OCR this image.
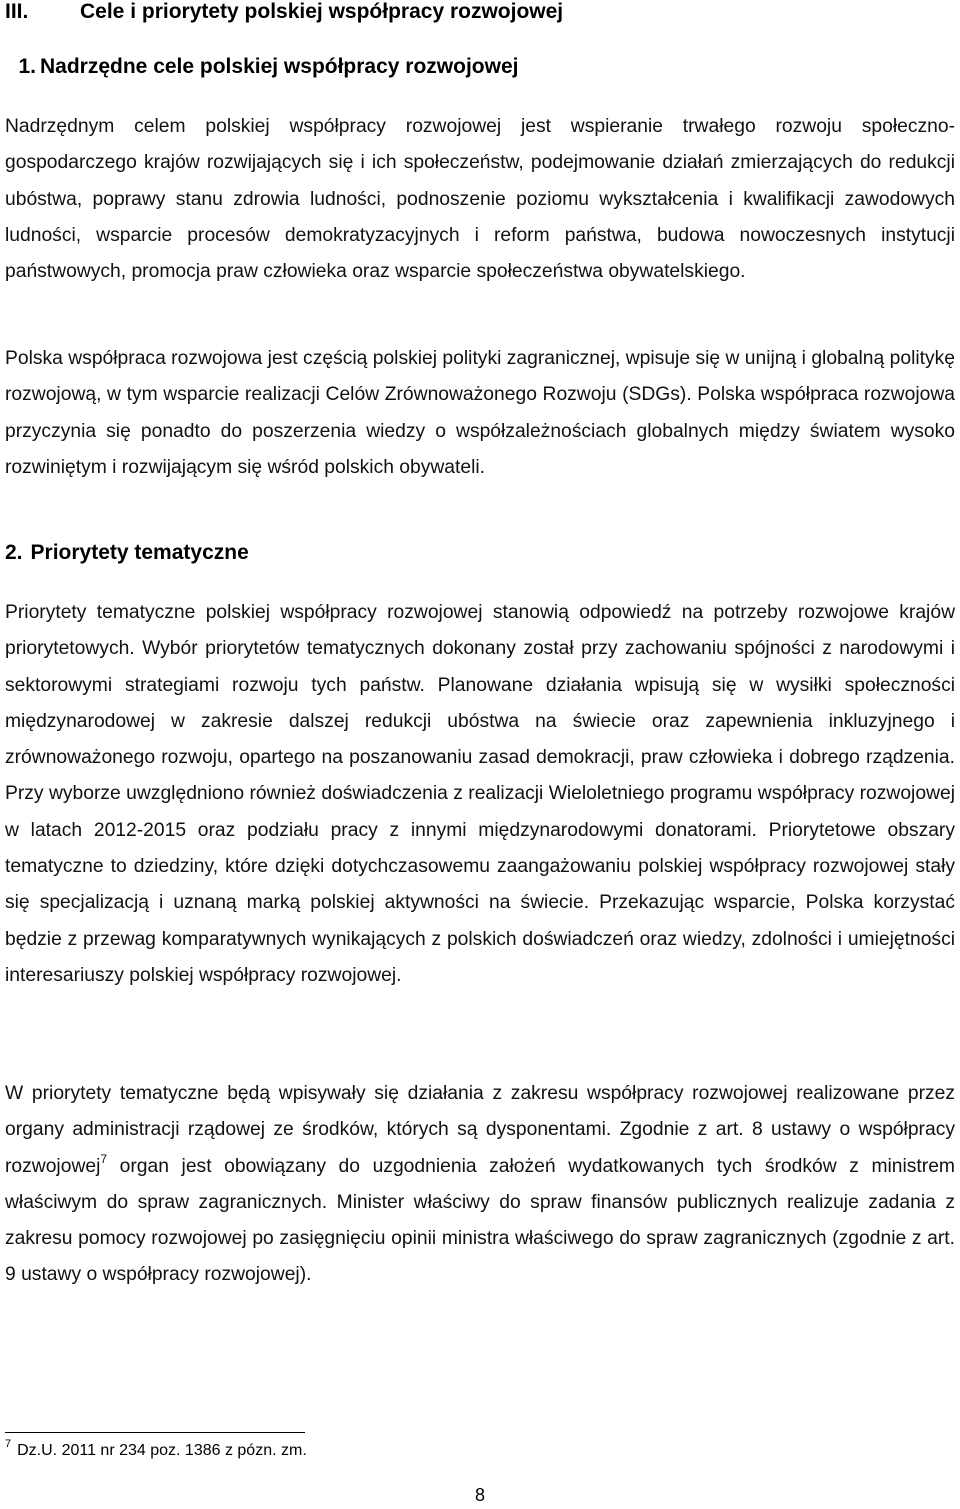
III. Cele i priorytety polskiej współpracy rozwojowej
1. Nadrzędne cele polskiej współpracy rozwojowej

Nadrzędnym celem polskiej współpracy rozwojowej jest wspieranie trwałego rozwoju społeczno-gospodarczego krajów rozwijających się i ich społeczeństw, podejmowanie działań zmierzających do redukcji ubóstwa, poprawy stanu zdrowia ludności, podnoszenie poziomu wykształcenia i kwalifikacji zawodowych ludności, wsparcie procesów demokratyzacyjnych i reform państwa, budowa nowoczesnych instytucji państwowych, promocja praw człowieka oraz wsparcie społeczeństwa obywatelskiego.

Polska współpraca rozwojowa jest częścią polskiej polityki zagranicznej, wpisuje się w unijną i globalną politykę rozwojową, w tym wsparcie realizacji Celów Zrównoważonego Rozwoju (SDGs). Polska współpraca rozwojowa przyczynia się ponadto do poszerzenia wiedzy o współzależnościach globalnych między światem wysoko rozwiniętym i rozwijającym się wśród polskich obywateli.

2. Priorytety tematyczne

Priorytety tematyczne polskiej współpracy rozwojowej stanowią odpowiedź na potrzeby rozwojowe krajów priorytetowych. Wybór priorytetów tematycznych dokonany został przy zachowaniu spójności z narodowymi i sektorowymi strategiami rozwoju tych państw. Planowane działania wpisują się w wysiłki społeczności międzynarodowej w zakresie dalszej redukcji ubóstwa na świecie oraz zapewnienia inkluzyjnego i zrównoważonego rozwoju, opartego na poszanowaniu zasad demokracji, praw człowieka i dobrego rządzenia. Przy wyborze uwzględniono również doświadczenia z realizacji Wieloletniego programu współpracy rozwojowej w latach 2012-2015 oraz podziału pracy z innymi międzynarodowymi donatorami. Priorytetowe obszary tematyczne to dziedziny, które dzięki dotychczasowemu zaangażowaniu polskiej współpracy rozwojowej stały się specjalizacją i uznaną marką polskiej aktywności na świecie. Przekazując wsparcie, Polska korzystać będzie z przewag komparatywnych wynikających z polskich doświadczeń oraz wiedzy, zdolności i umiejętności interesariuszy polskiej współpracy rozwojowej.

W priorytety tematyczne będą wpisywały się działania z zakresu współpracy rozwojowej realizowane przez organy administracji rządowej ze środków, których są dysponentami. Zgodnie z art. 8 ustawy o współpracy rozwojowej$^7$ organ jest obowiązany do uzgodnienia założeń wydatkowanych tych środków z ministrem właściwym do spraw zagranicznych. Minister właściwy do spraw finansów publicznych realizuje zadania z zakresu pomocy rozwojowej po zasięgnięciu opinii ministra właściwego do spraw zagranicznych (zgodnie z art. 9 ustawy o współpracy rozwojowej).

$^7$ Dz.U. 2011 nr 234 poz. 1386 z pózn. zm.
8
